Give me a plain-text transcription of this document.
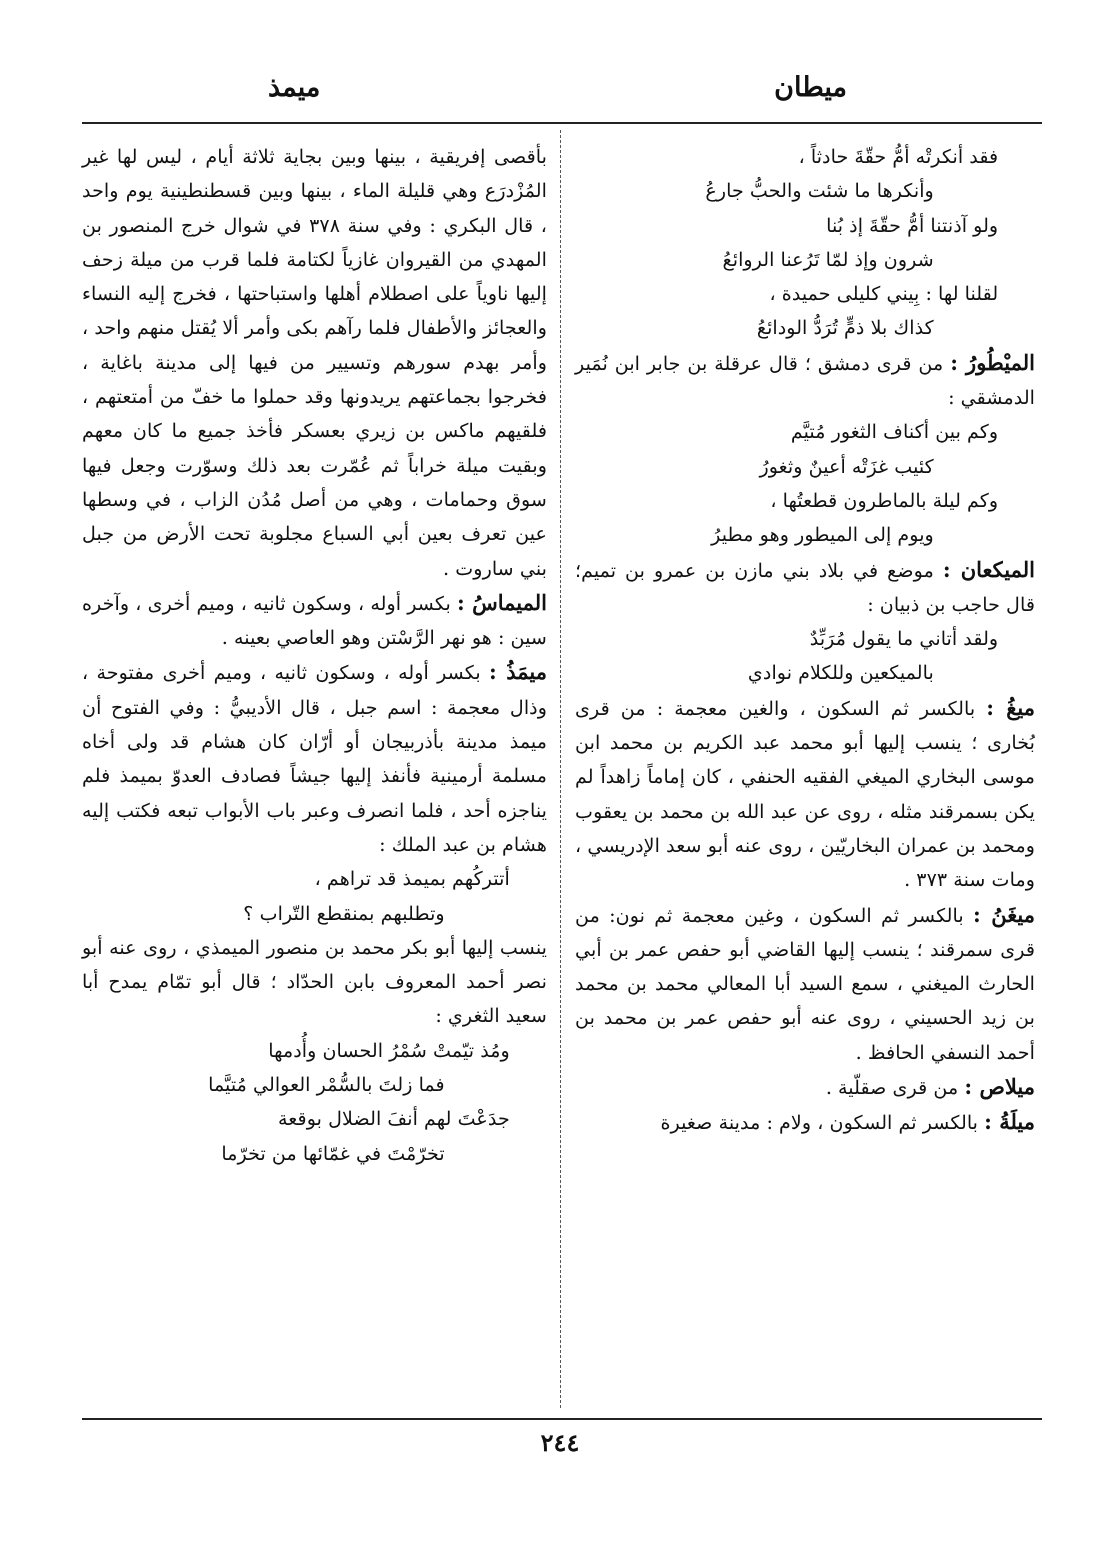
ميطان
ميمذ
فقد أنكرتْه أمُّ حقّةَ حادثاً ،
وأنكرها ما شئت والحبُّ جارعُ
ولو آذنتنا أمُّ حقّةَ إذ بُنا
شرون وإذ لمّا تَرُعنا الروائعُ
لقلنا لها : بِيني كليلى حميدة ،
كذاك بلا ذمٍّ تُرَدُّ الودائعُ

الميْطُورُ : من قرى دمشق ؛ قال عرقلة بن جابر ابن نُمَير الدمشقي :

وكم بين أكناف الثغور مُتيَّم
كئيب غزَتْه أعينٌ وثغورُ
وكم ليلة بالماطرون قطعتُها ،
ويوم إلى الميطور وهو مطيرُ

الميكعان : موضع في بلاد بني مازن بن عمرو بن تميم؛ قال حاجب بن ذبيان :

ولقد أتاني ما يقول مُرَبِّدٌ
بالميكعين وللكلام نوادي

ميغُ : بالكسر ثم السكون ، والغين معجمة : من قرى بُخارى ؛ ينسب إليها أبو محمد عبد الكريم بن محمد ابن موسى البخاري الميغي الفقيه الحنفي ، كان إماماً زاهداً لم يكن بسمرقند مثله ، روى عن عبد الله بن محمد بن يعقوب ومحمد بن عمران البخاريّين ، روى عنه أبو سعد الإدريسي ، ومات سنة ٣٧٣ .

ميغَنُ : بالكسر ثم السكون ، وغين معجمة ثم نون: من قرى سمرقند ؛ ينسب إليها القاضي أبو حفص عمر بن أبي الحارث الميغني ، سمع السيد أبا المعالي محمد بن محمد بن زيد الحسيني ، روى عنه أبو حفص عمر بن محمد بن أحمد النسفي الحافظ .

ميلاص : من قرى صقلّية .

ميلَةُ : بالكسر ثم السكون ، ولام : مدينة صغيرة

بأقصى إفريقية ، بينها وبين بجاية ثلاثة أيام ، ليس لها غير المُزْدرَع وهي قليلة الماء ، بينها وبين قسطنطينية يوم واحد ، قال البكري : وفي سنة ٣٧٨ في شوال خرج المنصور بن المهدي من القيروان غازياً لكتامة فلما قرب من ميلة زحف إليها ناوياً على اصطلام أهلها واستباحتها ، فخرج إليه النساء والعجائز والأطفال فلما رآهم بكى وأمر ألا يُقتل منهم واحد ، وأمر بهدم سورهم وتسيير من فيها إلى مدينة باغاية ، فخرجوا بجماعتهم يريدونها وقد حملوا ما خفّ من أمتعتهم ، فلقيهم ماكس بن زيري بعسكر فأخذ جميع ما كان معهم وبقيت ميلة خراباً ثم عُمّرت بعد ذلك وسوّرت وجعل فيها سوق وحمامات ، وهي من أصل مُدُن الزاب ، في وسطها عين تعرف بعين أبي السباع مجلوبة تحت الأرض من جبل بني ساروت .

الميماسُ : بكسر أوله ، وسكون ثانيه ، وميم أخرى ، وآخره سين : هو نهر الرَّسْتن وهو العاصي بعينه .

ميمَذُ : بكسر أوله ، وسكون ثانيه ، وميم أخرى مفتوحة ، وذال معجمة : اسم جبل ، قال الأديبيُّ : وفي الفتوح أن ميمذ مدينة بأذربيجان أو أرّان كان هشام قد ولى أخاه مسلمة أرمينية فأنفذ إليها جيشاً فصادف العدوّ بميمذ فلم يناجزه أحد ، فلما انصرف وعبر باب الأبواب تبعه فكتب إليه هشام بن عبد الملك :

أتتركُهم بميمذ قد تراهم ،
وتطلبهم بمنقطع التّراب ؟

ينسب إليها أبو بكر محمد بن منصور الميمذي ، روى عنه أبو نصر أحمد المعروف بابن الحدّاد ؛ قال أبو تمّام يمدح أبا سعيد الثغري :

ومُذ تيّمتْ سُمْرُ الحسان وأُدمها
فما زلتَ بالسُّمْر العوالي مُتيَّما
جدَعْتَ لهم أنفَ الضلال بوقعة
تخرّمْتَ في غمّائها من تخرّما
٢٤٤
